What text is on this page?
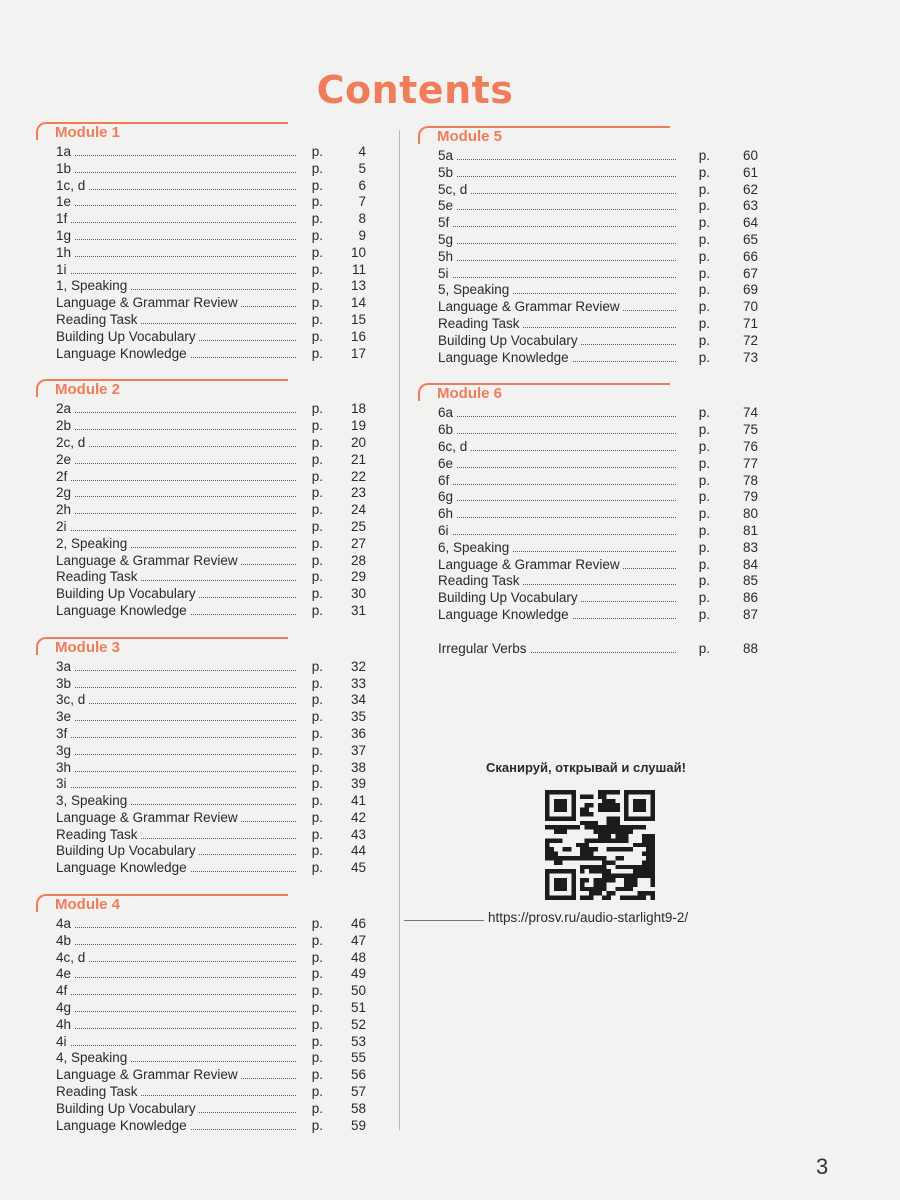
Contents
Module 1
1a	p.	4
1b	p.	5
1c, d	p.	6
1e	p.	7
1f	p.	8
1g	p.	9
1h	p.	10
1i	p.	11
1, Speaking	p.	13
Language & Grammar Review	p.	14
Reading Task	p.	15
Building Up Vocabulary	p.	16
Language Knowledge	p.	17
Module 2
2a	p.	18
2b	p.	19
2c, d	p.	20
2e	p.	21
2f	p.	22
2g	p.	23
2h	p.	24
2i	p.	25
2, Speaking	p.	27
Language & Grammar Review	p.	28
Reading Task	p.	29
Building Up Vocabulary	p.	30
Language Knowledge	p.	31
Module 3
3a	p.	32
3b	p.	33
3c, d	p.	34
3e	p.	35
3f	p.	36
3g	p.	37
3h	p.	38
3i	p.	39
3, Speaking	p.	41
Language & Grammar Review	p.	42
Reading Task	p.	43
Building Up Vocabulary	p.	44
Language Knowledge	p.	45
Module 4
4a	p.	46
4b	p.	47
4c, d	p.	48
4e	p.	49
4f	p.	50
4g	p.	51
4h	p.	52
4i	p.	53
4, Speaking	p.	55
Language & Grammar Review	p.	56
Reading Task	p.	57
Building Up Vocabulary	p.	58
Language Knowledge	p.	59
Module 5
5a	p.	60
5b	p.	61
5c, d	p.	62
5e	p.	63
5f	p.	64
5g	p.	65
5h	p.	66
5i	p.	67
5, Speaking	p.	69
Language & Grammar Review	p.	70
Reading Task	p.	71
Building Up Vocabulary	p.	72
Language Knowledge	p.	73
Module 6
6a	p.	74
6b	p.	75
6c, d	p.	76
6e	p.	77
6f	p.	78
6g	p.	79
6h	p.	80
6i	p.	81
6, Speaking	p.	83
Language & Grammar Review	p.	84
Reading Task	p.	85
Building Up Vocabulary	p.	86
Language Knowledge	p.	87
Irregular Verbs	p.	88
Сканируй, открывай и слушай!
https://prosv.ru/audio-starlight9-2/
3
